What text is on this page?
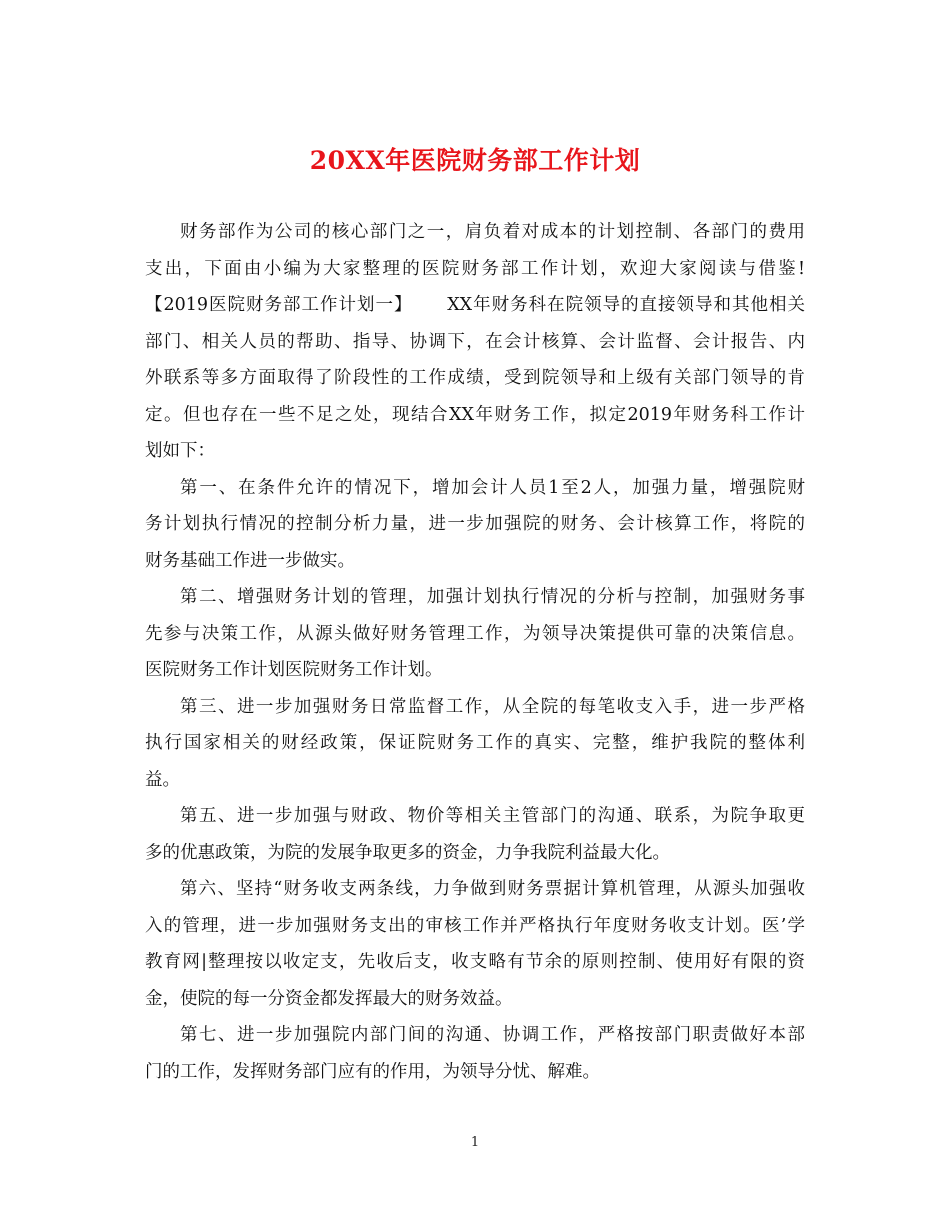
20XX年医院财务部工作计划
财务部作为公司的核心部门之一，肩负着对成本的计划控制、各部门的费用
支出，下面由小编为大家整理的医院财务部工作计划，欢迎大家阅读与借鉴!
【2019医院财务部工作计划一】　　 XX年财务科在院领导的直接领导和其他相关
部门、相关人员的帮助、指导、协调下，在会计核算、会计监督、会计报告、内
外联系等多方面取得了阶段性的工作成绩，受到院领导和上级有关部门领导的肯
定。但也存在一些不足之处，现结合XX年财务工作，拟定2019年财务科工作计
划如下：
第一、在条件允许的情况下，增加会计人员1至2人，加强力量，增强院财
务计划执行情况的控制分析力量，进一步加强院的财务、会计核算工作，将院的
财务基础工作进一步做实。
第二、增强财务计划的管理，加强计划执行情况的分析与控制，加强财务事
先参与决策工作，从源头做好财务管理工作，为领导决策提供可靠的决策信息。
医院财务工作计划医院财务工作计划。
第三、进一步加强财务日常监督工作，从全院的每笔收支入手，进一步严格
执行国家相关的财经政策，保证院财务工作的真实、完整，维护我院的整体利
益。
第五、进一步加强与财政、物价等相关主管部门的沟通、联系，为院争取更
多的优惠政策，为院的发展争取更多的资金，力争我院利益最大化。
第六、坚持“财务收支两条线，力争做到财务票据计算机管理，从源头加强收
入的管理，进一步加强财务支出的审核工作并严格执行年度财务收支计划。医’学
教育网|整理按以收定支，先收后支，收支略有节余的原则控制、使用好有限的资
金，使院的每一分资金都发挥最大的财务效益。
第七、进一步加强院内部门间的沟通、协调工作，严格按部门职责做好本部
门的工作，发挥财务部门应有的作用，为领导分忧、解难。
1
